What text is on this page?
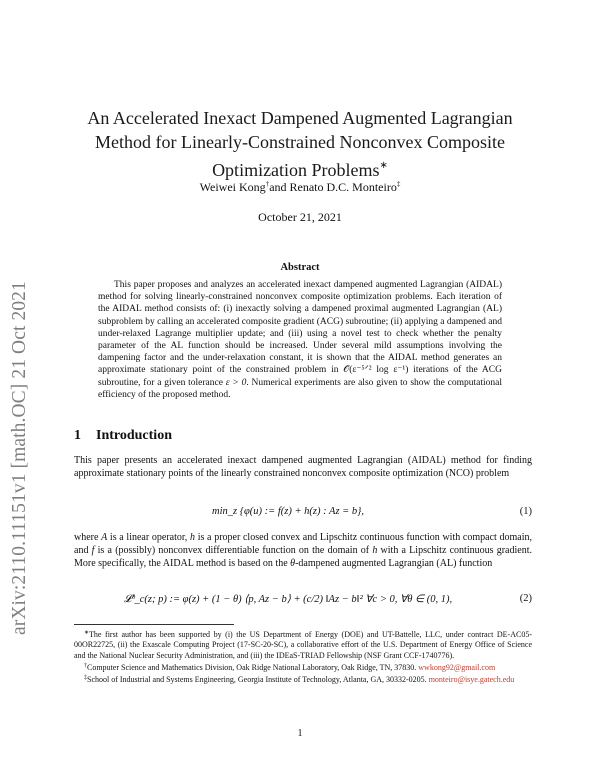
arXiv:2110.11151v1 [math.OC] 21 Oct 2021
An Accelerated Inexact Dampened Augmented Lagrangian
Method for Linearly-Constrained Nonconvex Composite
Optimization Problems∗
Weiwei Kong†and Renato D.C. Monteiro‡
October 21, 2021
Abstract
This paper proposes and analyzes an accelerated inexact dampened augmented Lagrangian (AIDAL) method for solving linearly-constrained nonconvex composite optimization problems. Each iteration of the AIDAL method consists of: (i) inexactly solving a dampened proximal augmented Lagrangian (AL) subproblem by calling an accelerated composite gradient (ACG) subroutine; (ii) applying a dampened and under-relaxed Lagrange multiplier update; and (iii) using a novel test to check whether the penalty parameter of the AL function should be increased. Under several mild assumptions involving the dampening factor and the under-relaxation constant, it is shown that the AIDAL method generates an approximate stationary point of the constrained problem in 𝒪(ε⁻⁵ᐟ² log ε⁻¹) iterations of the ACG subroutine, for a given tolerance ε > 0. Numerical experiments are also given to show the computational efficiency of the proposed method.
1 Introduction
This paper presents an accelerated inexact dampened augmented Lagrangian (AIDAL) method for finding approximate stationary points of the linearly constrained nonconvex composite optimization (NCO) problem
min_z {φ(u) := f(z) + h(z) : Az = b},	(1)
where A is a linear operator, h is a proper closed convex and Lipschitz continuous function with compact domain, and f is a (possibly) nonconvex differentiable function on the domain of h with a Lipschitz continuous gradient. More specifically, the AIDAL method is based on the θ-dampened augmented Lagrangian (AL) function
𝓛ᶿ_c(z; p) := φ(z) + (1 − θ) ⟨p, Az − b⟩ + (c/2) ‖Az − b‖² ∀c > 0, ∀θ ∈ (0, 1),	(2)

∗The first author has been supported by (i) the US Department of Energy (DOE) and UT-Battelle, LLC, under contract DE-AC05-00OR22725, (ii) the Exascale Computing Project (17-SC-20-SC), a collaborative effort of the U.S. Department of Energy Office of Science and the National Nuclear Security Administration, and (iii) the IDEaS-TRIAD Fellowship (NSF Grant CCF-1740776).

†Computer Science and Mathematics Division, Oak Ridge National Laboratory, Oak Ridge, TN, 37830. wwkong92@gmail.com

‡School of Industrial and Systems Engineering, Georgia Institute of Technology, Atlanta, GA, 30332-0205. monteiro@isye.gatech.edu

1
